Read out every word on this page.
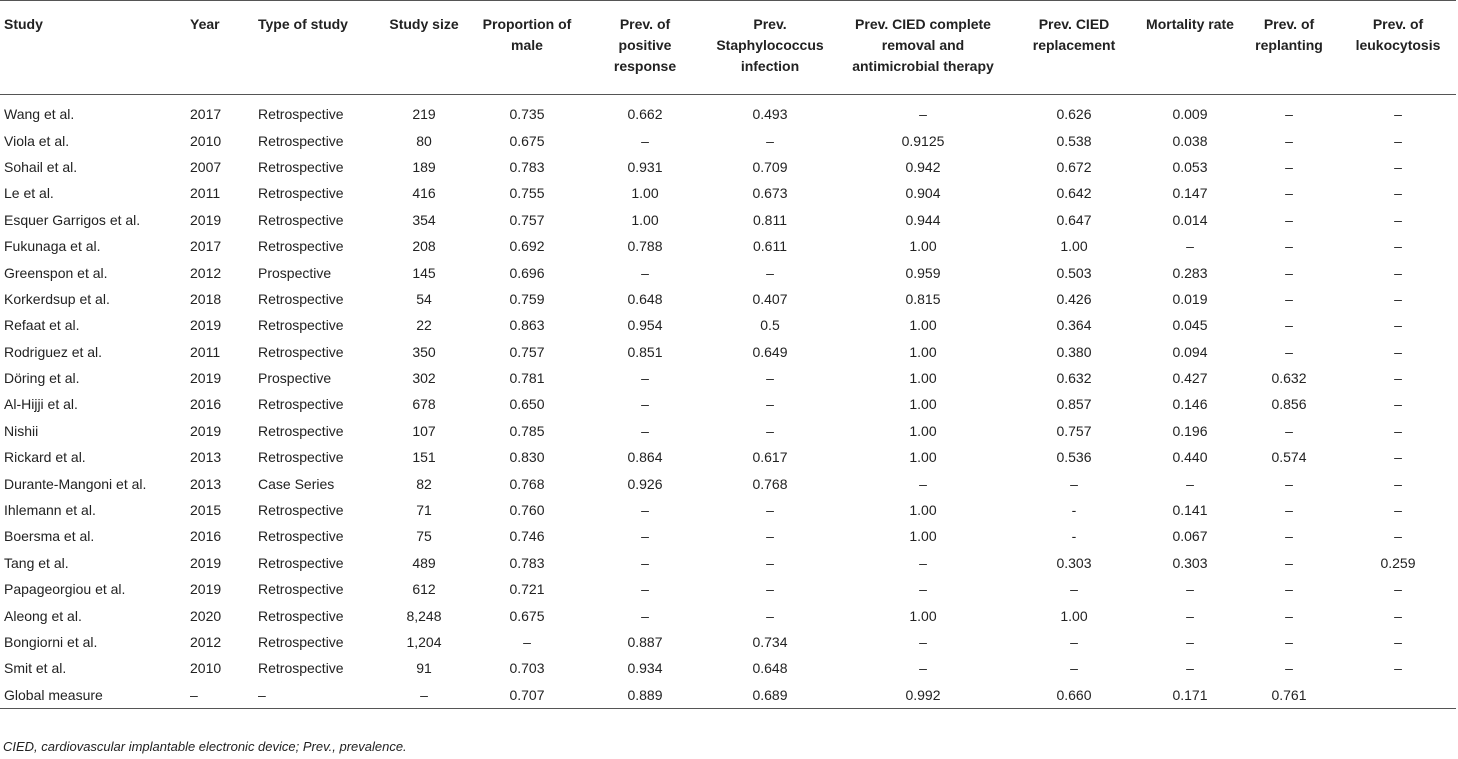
Study	Year	Type of study	Study size	Proportion of male	Prev. of positive response	Prev. Staphylococcus infection	Prev. CIED complete removal and antimicrobial therapy	Prev. CIED replacement	Mortality rate	Prev. of replanting	Prev. of leukocytosis
Wang et al.	2017	Retrospective	219	0.735	0.662	0.493	–	0.626	0.009	–	–
Viola et al.	2010	Retrospective	80	0.675	–	–	0.9125	0.538	0.038	–	–
Sohail et al.	2007	Retrospective	189	0.783	0.931	0.709	0.942	0.672	0.053	–	–
Le et al.	2011	Retrospective	416	0.755	1.00	0.673	0.904	0.642	0.147	–	–
Esquer Garrigos et al.	2019	Retrospective	354	0.757	1.00	0.811	0.944	0.647	0.014	–	–
Fukunaga et al.	2017	Retrospective	208	0.692	0.788	0.611	1.00	1.00	–	–	–
Greenspon et al.	2012	Prospective	145	0.696	–	–	0.959	0.503	0.283	–	–
Korkerdsup et al.	2018	Retrospective	54	0.759	0.648	0.407	0.815	0.426	0.019	–	–
Refaat et al.	2019	Retrospective	22	0.863	0.954	0.5	1.00	0.364	0.045	–	–
Rodriguez et al.	2011	Retrospective	350	0.757	0.851	0.649	1.00	0.380	0.094	–	–
Döring et al.	2019	Prospective	302	0.781	–	–	1.00	0.632	0.427	0.632	–
Al-Hijji et al.	2016	Retrospective	678	0.650	–	–	1.00	0.857	0.146	0.856	–
Nishii	2019	Retrospective	107	0.785	–	–	1.00	0.757	0.196	–	–
Rickard et al.	2013	Retrospective	151	0.830	0.864	0.617	1.00	0.536	0.440	0.574	–
Durante-Mangoni et al.	2013	Case Series	82	0.768	0.926	0.768	–	–	–	–	–
Ihlemann et al.	2015	Retrospective	71	0.760	–	–	1.00	-	0.141	–	–
Boersma et al.	2016	Retrospective	75	0.746	–	–	1.00	-	0.067	–	–
Tang et al.	2019	Retrospective	489	0.783	–	–	–	0.303	0.303	–	0.259
Papageorgiou et al.	2019	Retrospective	612	0.721	–	–	–	–	–	–	–
Aleong et al.	2020	Retrospective	8,248	0.675	–	–	1.00	1.00	–	–	–
Bongiorni et al.	2012	Retrospective	1,204	–	0.887	0.734	–	–	–	–	–
Smit et al.	2010	Retrospective	91	0.703	0.934	0.648	–	–	–	–	–
Global measure	–	–	–	0.707	0.889	0.689	0.992	0.660	0.171	0.761	
CIED, cardiovascular implantable electronic device; Prev., prevalence.
